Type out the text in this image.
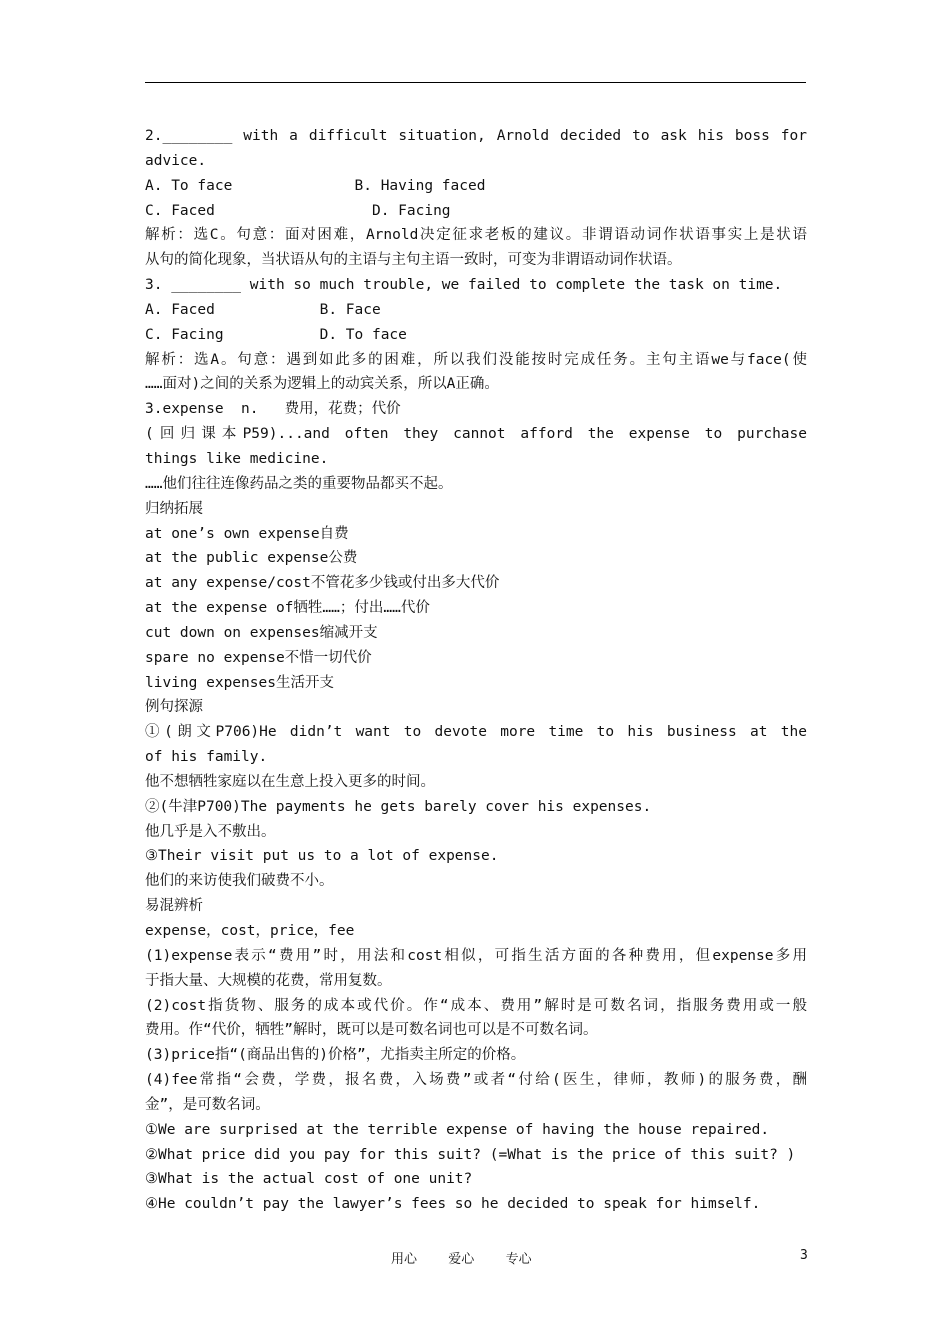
2.________ with a difficult situation, Arnold decided to ask his boss for
advice.
A. To face              B. Having faced
C. Faced                  D. Facing
解析：选C。句意：面对困难，Arnold决定征求老板的建议。非谓语动词作状语事实上是状语
从句的简化现象，当状语从句的主语与主句主语一致时，可变为非谓语动词作状语。
3. ________ with so much trouble, we failed to complete the task on time.
A. Faced            B. Face
C. Facing           D. To face
解析：选A。句意：遇到如此多的困难，所以我们没能按时完成任务。主句主语we与face(使
……面对)之间的关系为逻辑上的动宾关系，所以A正确。
3.expense  n.   费用，花费；代价
(回归课本P59)...and often they cannot afford the expense to purchase
things like medicine.
……他们往往连像药品之类的重要物品都买不起。
归纳拓展
at one’s own expense自费
at the public expense公费
at any expense/cost不管花多少钱或付出多大代价
at the expense of牺牲……；付出……代价
cut down on expenses缩减开支
spare no expense不惜一切代价
living expenses生活开支
例句探源
①(朗文P706)He didn’t want to devote more time to his business at the
of his family.
他不想牺牲家庭以在生意上投入更多的时间。
②(牛津P700)The payments he gets barely cover his expenses.
他几乎是入不敷出。
③Their visit put us to a lot of expense.
他们的来访使我们破费不小。
易混辨析
expense，cost，price，fee
(1)expense表示“费用”时，用法和cost相似，可指生活方面的各种费用，但expense多用
于指大量、大规模的花费，常用复数。
(2)cost指货物、服务的成本或代价。作“成本、费用”解时是可数名词，指服务费用或一般
费用。作“代价，牺牲”解时，既可以是可数名词也可以是不可数名词。
(3)price指“(商品出售的)价格”，尤指卖主所定的价格。
(4)fee常指“会费，学费，报名费，入场费”或者“付给(医生，律师，教师)的服务费，酬
金”，是可数名词。
①We are surprised at the terrible expense of having the house repaired.
②What price did you pay for this suit? (=What is the price of this suit? )
③What is the actual cost of one unit?
④He couldn’t pay the lawyer’s fees so he decided to speak for himself.
用心    爱心    专心	3
